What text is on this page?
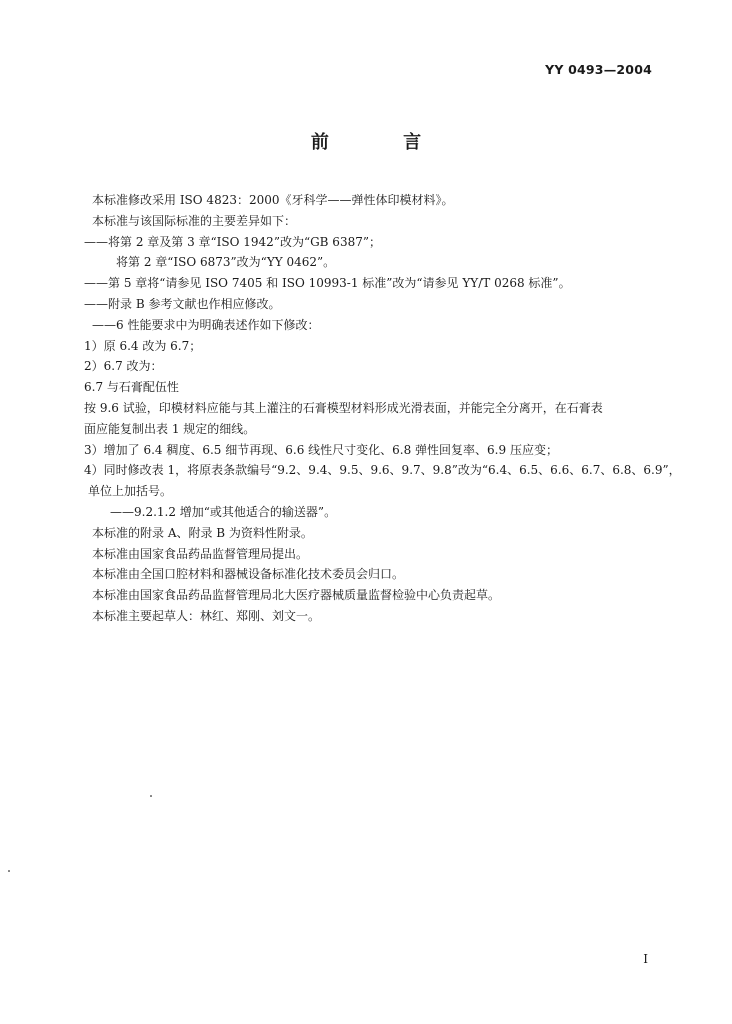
YY 0493—2004
前 言
本标准修改采用 ISO 4823：2000《牙科学——弹性体印模材料》。
本标准与该国际标准的主要差异如下：
——将第 2 章及第 3 章“ISO 1942”改为“GB 6387”；
将第 2 章“ISO 6873”改为“YY 0462”。
——第 5 章将“请参见 ISO 7405 和 ISO 10993-1 标准”改为“请参见 YY/T 0268 标准”。
——附录 B 参考文献也作相应修改。
——6 性能要求中为明确表述作如下修改：
1）原 6.4 改为 6.7；
2）6.7 改为：
6.7 与石膏配伍性
按 9.6 试验，印模材料应能与其上灌注的石膏模型材料形成光滑表面，并能完全分离开，在石膏表
面应能复制出表 1 规定的细线。
3）增加了 6.4 稠度、6.5 细节再现、6.6 线性尺寸变化、6.8 弹性回复率、6.9 压应变；
4）同时修改表 1，将原表条款编号“9.2、9.4、9.5、9.6、9.7、9.8”改为“6.4、6.5、6.6、6.7、6.8、6.9”，
单位上加括号。
——9.2.1.2 增加“或其他适合的输送器”。
本标准的附录 A、附录 B 为资料性附录。
本标准由国家食品药品监督管理局提出。
本标准由全国口腔材料和器械设备标准化技术委员会归口。
本标准由国家食品药品监督管理局北大医疗器械质量监督检验中心负责起草。
本标准主要起草人：林红、郑刚、刘文一。
I
